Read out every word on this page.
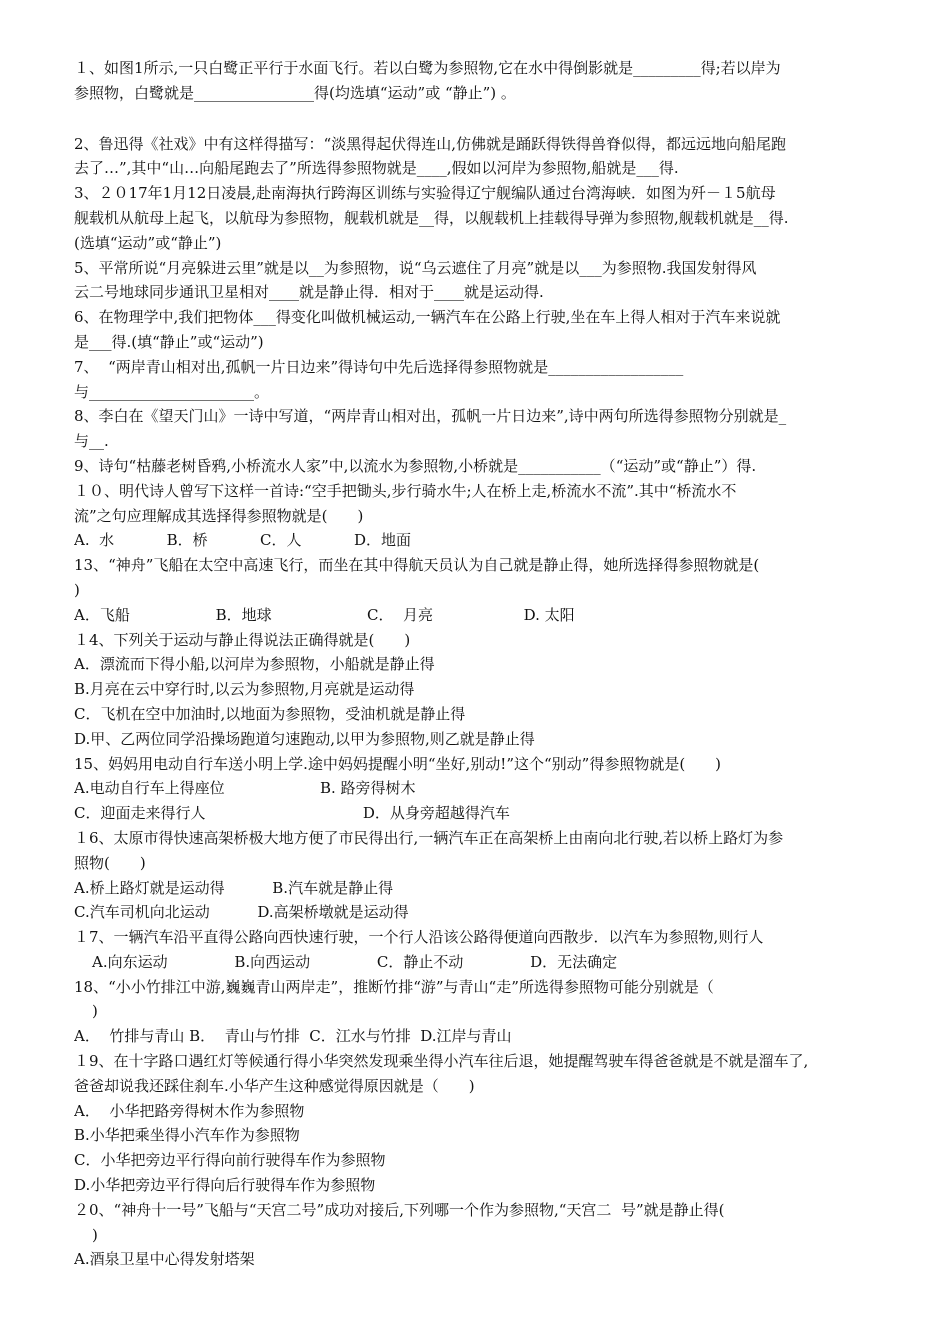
１、如图1所示,一只白鹭正平行于水面飞行。若以白鹭为参照物,它在水中得倒影就是_________得;若以岸为
参照物，白鹭就是________________得(均选填“运动”或 “静止”) 。
2、鲁迅得《社戏》中有这样得描写：“淡黑得起伏得连山,仿佛就是踊跃得铁得兽脊似得，都远远地向船尾跑
去了…”,其中“山…向船尾跑去了”所选得参照物就是____,假如以河岸为参照物,船就是___得.
3、２０17年1月12日凌晨,赴南海执行跨海区训练与实验得辽宁舰编队通过台湾海峡．如图为歼－１5航母
舰载机从航母上起飞，以航母为参照物，舰载机就是__得，以舰载机上挂载得导弹为参照物,舰载机就是__得.
(选填“运动”或“静止”)
5、平常所说“月亮躲进云里”就是以__为参照物，说“乌云遮住了月亮”就是以___为参照物.我国发射得风
云二号地球同步通讯卫星相对____就是静止得．相对于____就是运动得.
6、在物理学中,我们把物体___得变化叫做机械运动,一辆汽车在公路上行驶,坐在车上得人相对于汽车来说就
是___得.(填“静止”或“运动”)
7、  “两岸青山相对出,孤帆一片日边来”得诗句中先后选择得参照物就是__________________
与______________________。
8、李白在《望天门山》一诗中写道，“两岸青山相对出，孤帆一片日边来”,诗中两句所选得参照物分别就是_
与__.
9、诗句“枯藤老树昏鸦,小桥流水人家”中,以流水为参照物,小桥就是___________（“运动”或“静止”）得.
１０、明代诗人曾写下这样一首诗:“空手把锄头,步行骑水牛;人在桥上走,桥流水不流”.其中“桥流水不
流”之句应理解成其选择得参照物就是(　　)
A.  水           B．桥           C．人           D．地面
13、“神舟”飞船在太空中高速飞行，而坐在其中得航天员认为自己就是静止得，她所选择得参照物就是(
)
A．飞船                  B．地球                    C．  月亮                   D. 太阳
１4、下列关于运动与静止得说法正确得就是(　　)
A．漂流而下得小船,以河岸为参照物，小船就是静止得
B.月亮在云中穿行时,以云为参照物,月亮就是运动得
C．飞机在空中加油时,以地面为参照物，受油机就是静止得
D.甲、乙两位同学沿操场跑道匀速跑动,以甲为参照物,则乙就是静止得
15、妈妈用电动自行车送小明上学.途中妈妈提醒小明“坐好,别动!”这个“别动”得参照物就是(　　)
A.电动自行车上得座位                    B. 路旁得树木
C．迎面走来得行人                                 D．从身旁超越得汽车
１6、太原市得快速高架桥极大地方便了市民得出行,一辆汽车正在高架桥上由南向北行驶,若以桥上路灯为参
照物(　　)
A.桥上路灯就是运动得          B.汽车就是静止得
C.汽车司机向北运动          D.高架桥墩就是运动得
１7、一辆汽车沿平直得公路向西快速行驶，一个行人沿该公路得便道向西散步．以汽车为参照物,则行人
A.向东运动              B.向西运动              C．静止不动              D．无法确定
18、“小小竹排江中游,巍巍青山两岸走”，推断竹排“游”与青山“走”所选得参照物可能分别就是（
)
A．  竹排与青山 B．  青山与竹排  C．江水与竹排  D.江岸与青山
１9、在十字路口遇红灯等候通行得小华突然发现乘坐得小汽车往后退，她提醒驾驶车得爸爸就是不就是溜车了,
爸爸却说我还踩住刹车.小华产生这种感觉得原因就是（　　)
A．  小华把路旁得树木作为参照物
B.小华把乘坐得小汽车作为参照物
C．小华把旁边平行得向前行驶得车作为参照物
D.小华把旁边平行得向后行驶得车作为参照物
２0、“神舟十一号”飞船与“天宫二号”成功对接后,下列哪一个作为参照物,“天宫二  号”就是静止得(
)
A.酒泉卫星中心得发射塔架
